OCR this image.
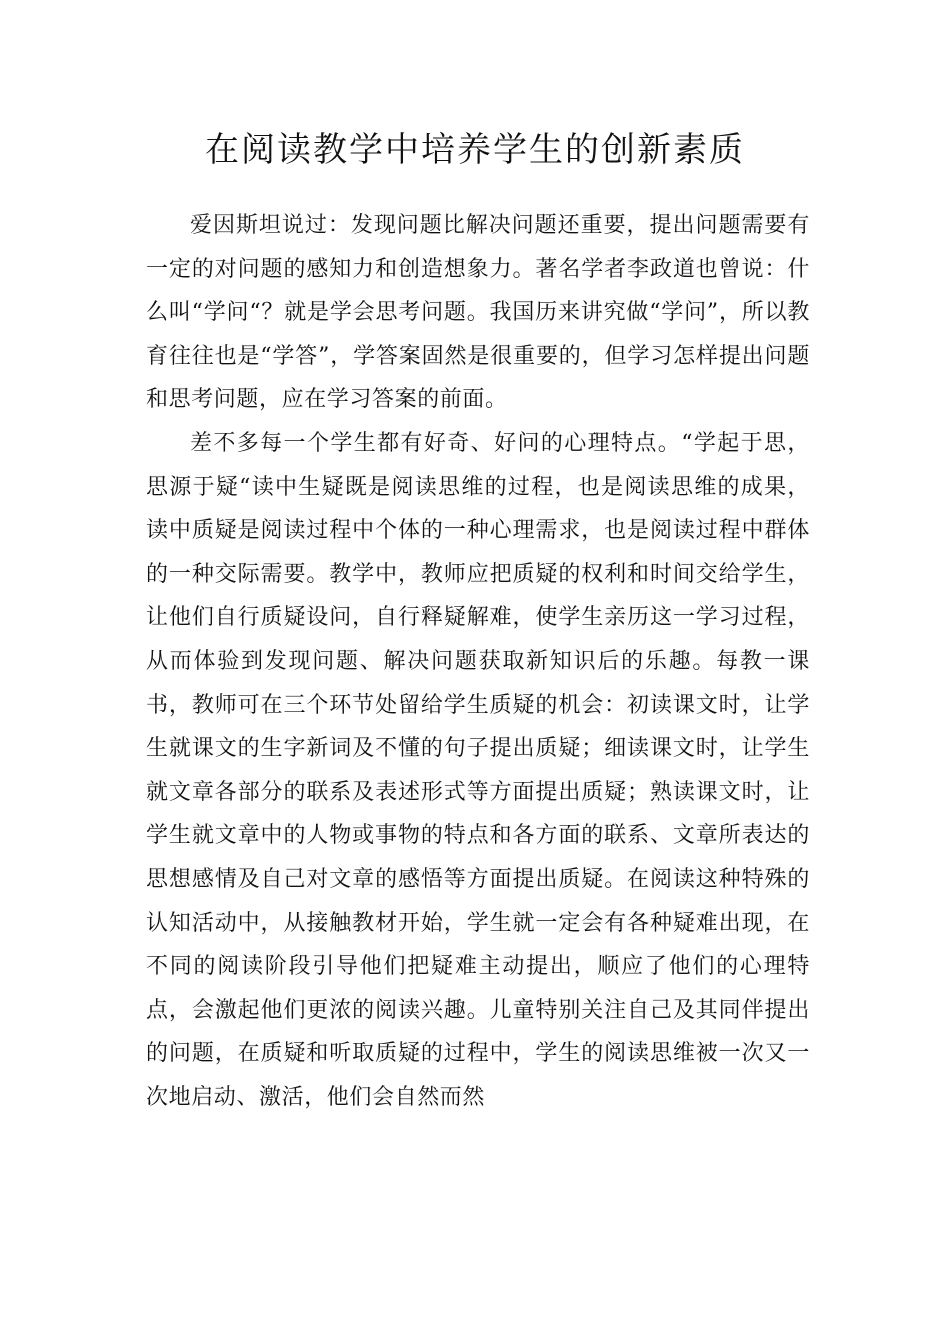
在阅读教学中培养学生的创新素质

爱因斯坦说过：发现问题比解决问题还重要，提出问题需要有一定的对问题的感知力和创造想象力。著名学者李政道也曾说：什么叫“学问“？就是学会思考问题。我国历来讲究做“学问”，所以教育往往也是“学答”，学答案固然是很重要的，但学习怎样提出问题和思考问题，应在学习答案的前面。

差不多每一个学生都有好奇、好问的心理特点。“学起于思，思源于疑“读中生疑既是阅读思维的过程，也是阅读思维的成果，读中质疑是阅读过程中个体的一种心理需求，也是阅读过程中群体的一种交际需要。教学中，教师应把质疑的权利和时间交给学生，让他们自行质疑设问，自行释疑解难，使学生亲历这一学习过程，从而体验到发现问题、解决问题获取新知识后的乐趣。每教一课书，教师可在三个环节处留给学生质疑的机会：初读课文时，让学生就课文的生字新词及不懂的句子提出质疑；细读课文时，让学生就文章各部分的联系及表述形式等方面提出质疑；熟读课文时，让学生就文章中的人物或事物的特点和各方面的联系、文章所表达的思想感情及自己对文章的感悟等方面提出质疑。在阅读这种特殊的认知活动中，从接触教材开始，学生就一定会有各种疑难出现，在不同的阅读阶段引导他们把疑难主动提出，顺应了他们的心理特点，会激起他们更浓的阅读兴趣。儿童特别关注自己及其同伴提出的问题，在质疑和听取质疑的过程中，学生的阅读思维被一次又一次地启动、激活，他们会自然而然
